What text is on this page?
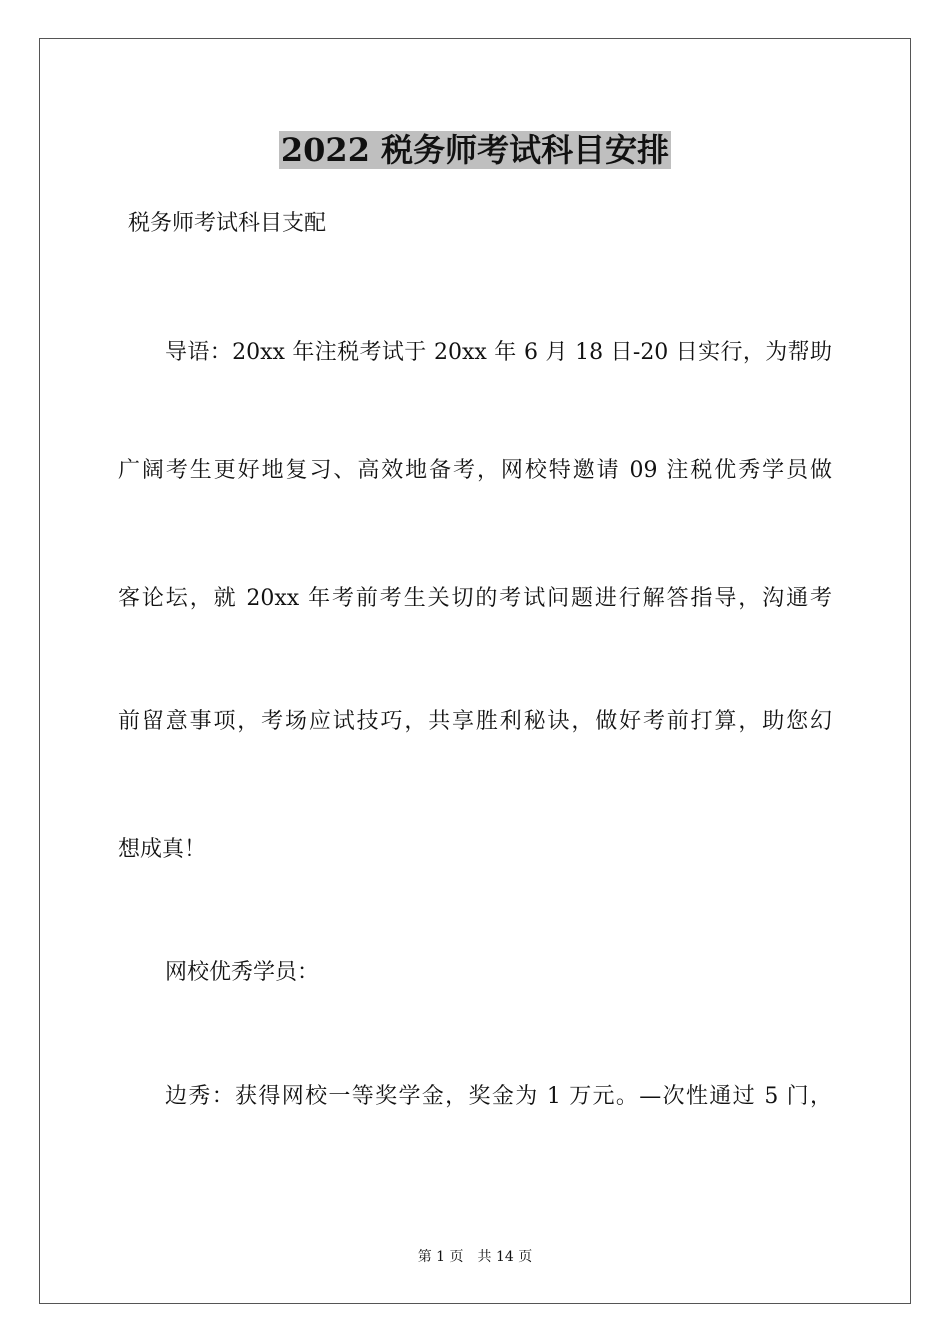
2022 税务师考试科目安排
税务师考试科目支配
导语：20xx 年注税考试于 20xx 年 6 月 18 日-20 日实行，为帮助
广阔考生更好地复习、高效地备考，网校特邀请 09 注税优秀学员做
客论坛，就 20xx 年考前考生关切的考试问题进行解答指导，沟通考
前留意事项，考场应试技巧，共享胜利秘诀，做好考前打算，助您幻
想成真！
网校优秀学员：
边秀：获得网校一等奖学金，奖金为 1 万元。—次性通过 5 门，
第 1 页　共 14 页
